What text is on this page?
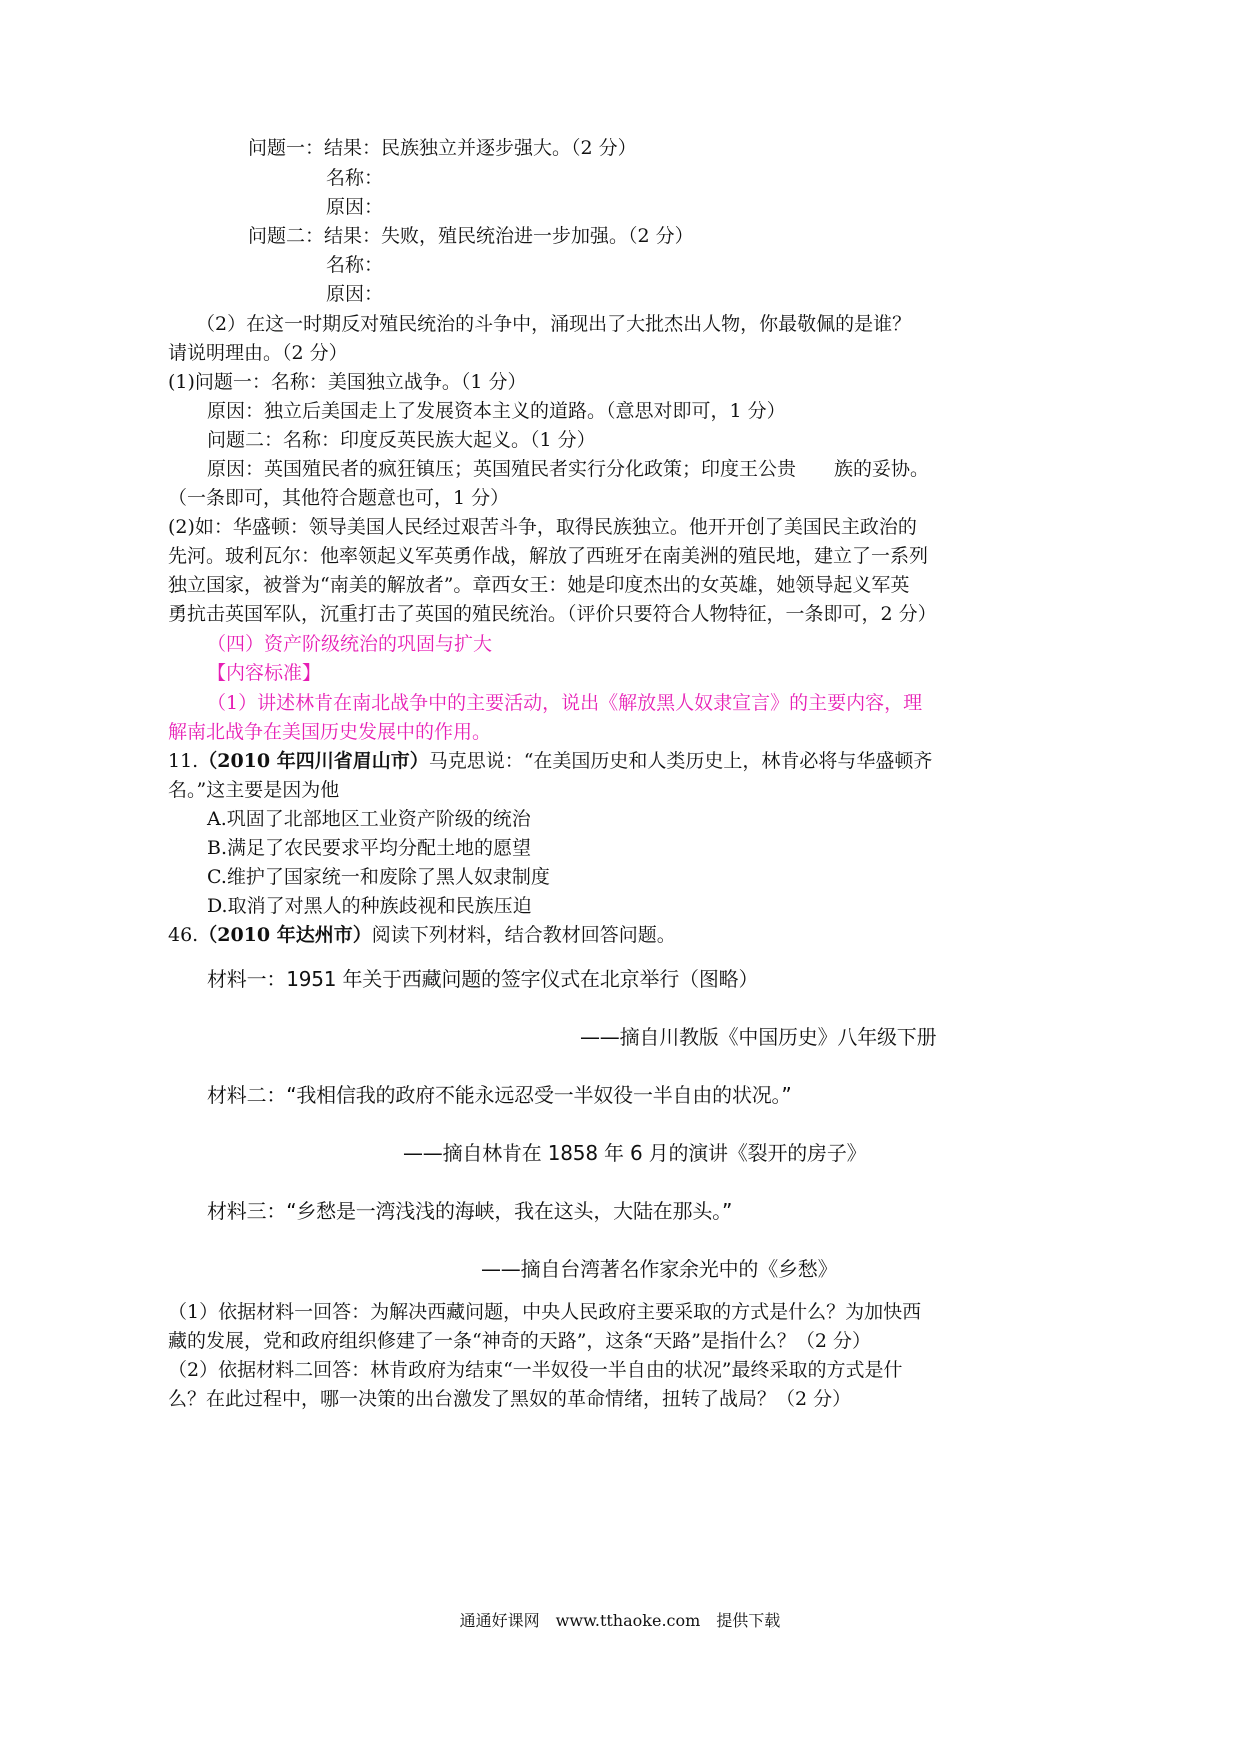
问题一：结果：民族独立并逐步强大。（2 分）
名称：
原因：
问题二：结果：失败，殖民统治进一步加强。（2 分）
名称：
原因：
（2）在这一时期反对殖民统治的斗争中，涌现出了大批杰出人物，你最敬佩的是谁？
请说明理由。（2 分）
(1)问题一：名称：美国独立战争。（1 分）
原因：独立后美国走上了发展资本主义的道路。（意思对即可，1 分）
问题二：名称：印度反英民族大起义。（1 分）
原因：英国殖民者的疯狂镇压；英国殖民者实行分化政策；印度王公贵　　族的妥协。
（一条即可，其他符合题意也可，1 分）
(2)如：华盛顿：领导美国人民经过艰苦斗争，取得民族独立。他开开创了美国民主政治的
先河。玻利瓦尔：他率领起义军英勇作战，解放了西班牙在南美洲的殖民地，建立了一系列
独立国家，被誉为“南美的解放者”。章西女王：她是印度杰出的女英雄，她领导起义军英
勇抗击英国军队，沉重打击了英国的殖民统治。（评价只要符合人物特征，一条即可，2 分）
（四）资产阶级统治的巩固与扩大
【内容标准】
（1）讲述林肯在南北战争中的主要活动，说出《解放黑人奴隶宣言》的主要内容，理
解南北战争在美国历史发展中的作用。
11.（2010 年四川省眉山市）马克思说：“在美国历史和人类历史上，林肯必将与华盛顿齐
名。”这主要是因为他
A.巩固了北部地区工业资产阶级的统治
B.满足了农民要求平均分配土地的愿望
C.维护了国家统一和废除了黑人奴隶制度
D.取消了对黑人的种族歧视和民族压迫
46.（2010 年达州市）阅读下列材料，结合教材回答问题。
材料一：1951 年关于西藏问题的签字仪式在北京举行（图略）
——摘自川教版《中国历史》八年级下册
材料二：“我相信我的政府不能永远忍受一半奴役一半自由的状况。”
——摘自林肯在 1858 年 6 月的演讲《裂开的房子》
材料三：“乡愁是一湾浅浅的海峡，我在这头，大陆在那头。”
——摘自台湾著名作家余光中的《乡愁》
（1）依据材料一回答：为解决西藏问题，中央人民政府主要采取的方式是什么？为加快西
藏的发展，党和政府组织修建了一条“神奇的天路”，这条“天路”是指什么？（2 分）
（2）依据材料二回答：林肯政府为结束“一半奴役一半自由的状况”最终采取的方式是什
么？在此过程中，哪一决策的出台激发了黑奴的革命情绪，扭转了战局？（2 分）
通通好课网　www.tthaoke.com　提供下载
